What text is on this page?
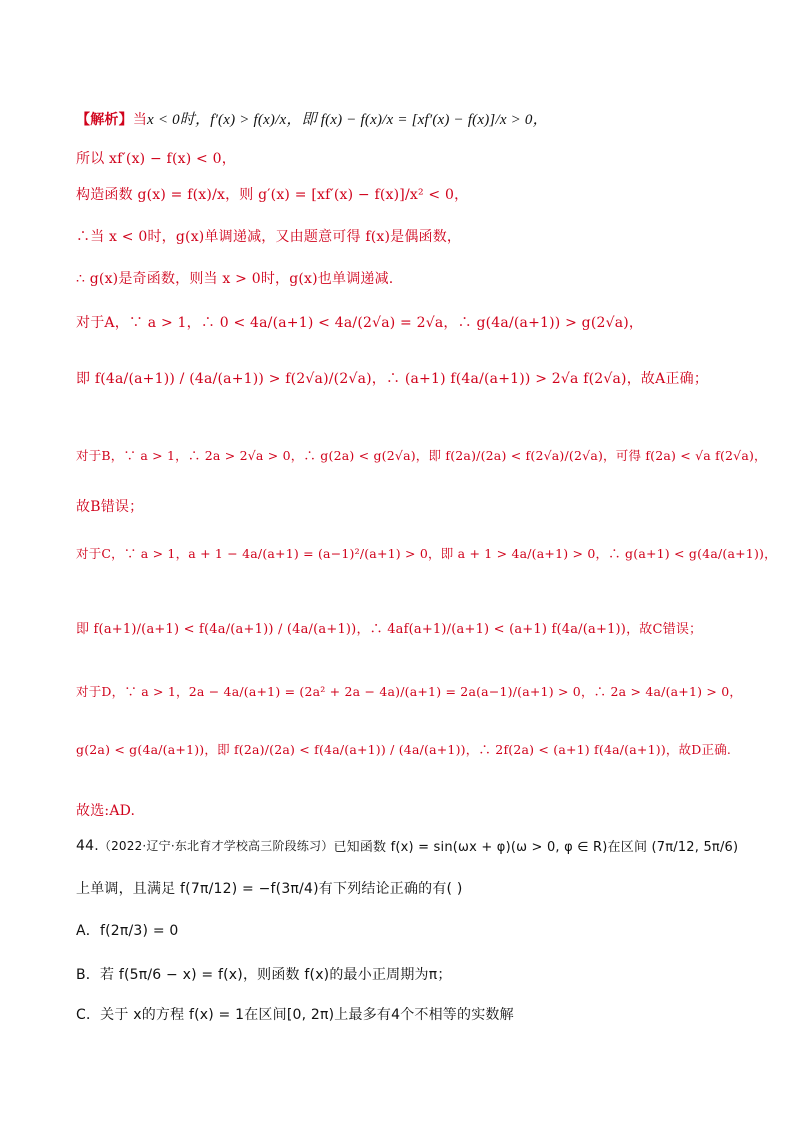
【解析】 当 x < 0时，f′(x) > f(x)/x，即 f(x) − f(x)/x = [xf′(x) − f(x)]/x > 0，
所以 xf′(x) − f(x) < 0，
构造函数 g(x) = f(x)/x，则 g′(x) = [xf′(x) − f(x)]/x² < 0，
∴当 x < 0时，g(x)单调递减，又由题意可得 f(x)是偶函数，
∴ g(x)是奇函数，则当 x > 0时，g(x)也单调递减.
对于A，∵ a > 1，∴ 0 < 4a/(a+1) < 4a/(2√a) = 2√a，∴ g(4a/(a+1)) > g(2√a)，
即 f(4a/(a+1)) / (4a/(a+1)) > f(2√a)/(2√a)，∴ (a+1) f(4a/(a+1)) > 2√a f(2√a)，故A正确；
对于B，∵ a > 1，∴ 2a > 2√a > 0，∴ g(2a) < g(2√a)，即 f(2a)/(2a) < f(2√a)/(2√a)，可得 f(2a) < √a f(2√a)，
故B错误；
对于C，∵ a > 1，a + 1 − 4a/(a+1) = (a−1)²/(a+1) > 0，即 a + 1 > 4a/(a+1) > 0，∴ g(a+1) < g(4a/(a+1))，
即 f(a+1)/(a+1) < f(4a/(a+1)) / (4a/(a+1))，∴ 4af(a+1)/(a+1) < (a+1) f(4a/(a+1))，故C错误；
对于D，∵ a > 1，2a − 4a/(a+1) = (2a² + 2a − 4a)/(a+1) = 2a(a−1)/(a+1) > 0，∴ 2a > 4a/(a+1) > 0，
g(2a) < g(4a/(a+1))，即 f(2a)/(2a) < f(4a/(a+1)) / (4a/(a+1))，∴ 2f(2a) < (a+1) f(4a/(a+1))，故D正确.
故选:AD.
44. （2022·辽宁·东北育才学校高三阶段练习） 已知函数 f(x) = sin(ωx + φ)(ω > 0, φ ∈ R)在区间 (7π/12, 5π/6)
上单调，且满足 f(7π/12) = −f(3π/4)有下列结论正确的有( )
A．f(2π/3) = 0
B．若 f(5π/6 − x) = f(x)，则函数 f(x)的最小正周期为π；
C．关于 x的方程 f(x) = 1在区间[0, 2π)上最多有4个不相等的实数解
